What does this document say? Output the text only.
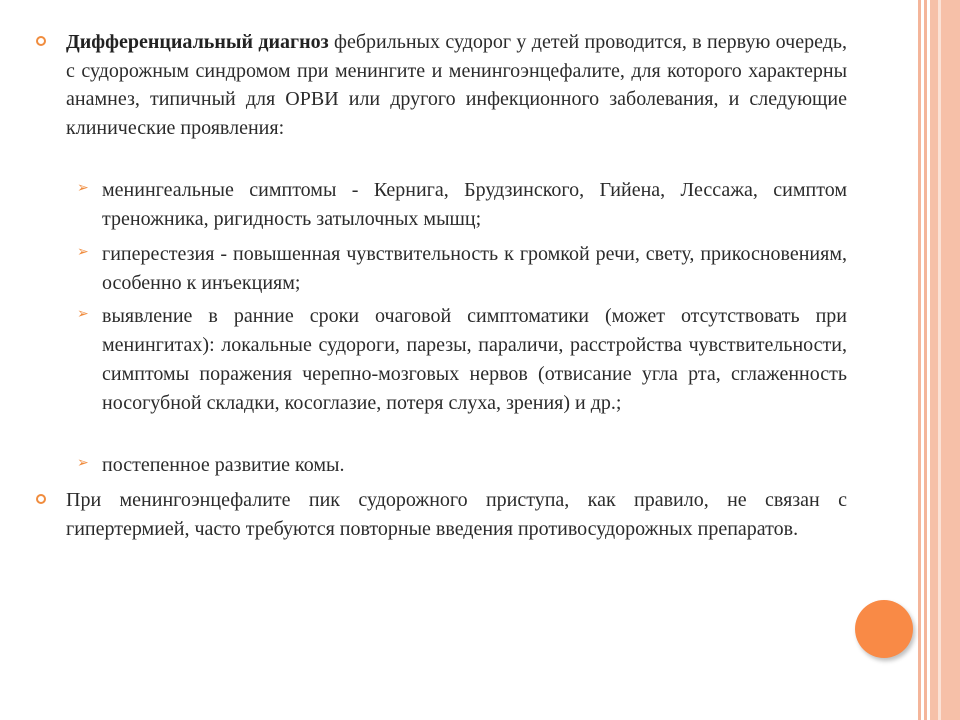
Дифференциальный диагноз фебрильных судорог у детей проводится, в первую очередь, с судорожным синдромом при менингите и менингоэнцефалите, для которого характерны анамнез, типичный для ОРВИ или другого инфекционного заболевания, и следующие клинические проявления:
➢ менингеальные симптомы - Кернига, Брудзинского, Гийена, Лессажа, симптом треножника, ригидность затылочных мышц;
➢ гиперестезия - повышенная чувствительность к громкой речи, свету, прикосновениям, особенно к инъекциям;
➢ выявление в ранние сроки очаговой симптоматики (может отсутствовать при менингитах): локальные судороги, парезы, параличи, расстройства чувствительности, симптомы поражения черепно-мозговых нервов (отвисание угла рта, сглаженность носогубной складки, косоглазие, потеря слуха, зрения) и др.;
➢ постепенное развитие комы.
При менингоэнцефалите пик судорожного приступа, как правило, не связан с гипертермией, часто требуются повторные введения противосудорожных препаратов.
